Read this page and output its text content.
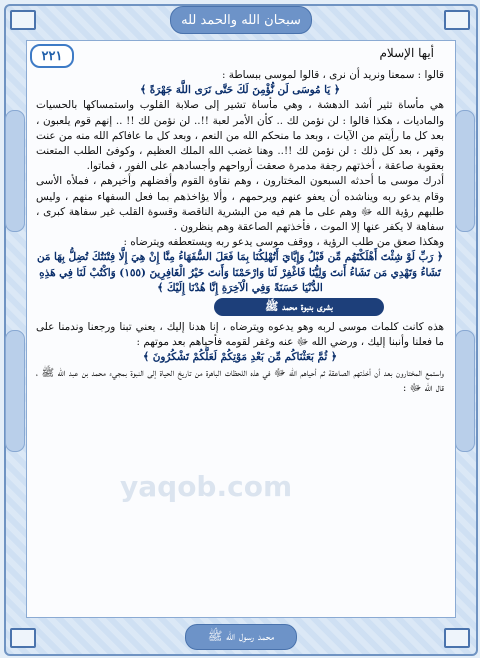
سبحان الله والحمد لله
محمد رسول الله ﷺ
٢٢١	أيها الإسلام
yaqob.com

قالوا : سمعنا ونريد أن نرى ، قالوا لموسى ببساطة :

﴿ يَا مُوسَى لَن نُّؤْمِنَ لَكَ حَتَّى نَرَى اللَّهَ جَهْرَةً ﴾

هي مأساة تثير أشد الدهشة ، وهي مأساة تشير إلى صلابة القلوب واستمساكها بالحسيات والماديات ، هكذا قالوا : لن نؤمن لك .. كأن الأمر لعبة !!.. لن نؤمن لك !! .. إنهم قوم يلعبون ، بعد كل ما رأيتم من الآيات ، وبعد ما منحكم الله من النعم ، وبعد كل ما عافاكم الله منه من عنت وقهر ، بعد كل ذلك : لن نؤمن لك !!.. وهنا غضب الله الملك العظيم ، وكوفئ الطلب المتعنت بعقوبة صاعقة ، أخذتهم رجفة مدمرة صعقت أرواحهم وأجسادهم على الفور ، فماتوا.

أدرك موسى ما أحدثه السبعون المختارون ، وهم نقاوة القوم وأفضلهم وأخيرهم ، فملأه الأسى وقام يدعو ربه ويناشده أن يعفو عنهم ويرحمهم ، وألا يؤاخذهم بما فعل السفهاء منهم ، وليس طلبهم رؤية الله ﷻ وهم على ما هم فيه من البشرية الناقصة وقسوة القلب غير سفاهة كبرى ، سفاهة لا يكفر عنها إلا الموت ، فأخذتهم الصاعقة وهم ينظرون .

وهكذا صعق من طلب الرؤية ، ووقف موسى يدعو ربه ويستعطفه ويترضاه :

﴿ رَبِّ لَوْ شِئْتَ أَهْلَكْتَهُم مِّن قَبْلُ وَإِيَّايَ أَتُهْلِكُنَا بِمَا فَعَلَ السُّفَهَاءُ مِنَّا إِنْ هِيَ إِلَّا فِتْنَتُكَ تُضِلُّ بِهَا مَن تَشَاءُ وَتَهْدِي مَن تَشَاءُ أَنتَ وَلِيُّنَا فَاغْفِرْ لَنَا وَارْحَمْنَا وَأَنتَ خَيْرُ الْغَافِرِينَ (١٥٥) وَاكْتُبْ لَنَا فِي هَذِهِ الدُّنْيَا حَسَنَةً وَفِي الْآخِرَةِ إِنَّا هُدْنَا إِلَيْكَ ﴾

بشرى بنبوة محمد ﷺ

هذه كانت كلمات موسى لربه وهو يدعوه ويترضاه ، إنا هدنا إليك ، يعني تبنا ورجعنا وندمنا على ما فعلنا وأنبنا إليك ، ورضي الله ﷻ عنه وغفر لقومه فأحياهم بعد موتهم :

﴿ ثُمَّ بَعَثْنَاكُم مِّن بَعْدِ مَوْتِكُمْ لَعَلَّكُمْ تَشْكُرُونَ ﴾

واستمع المختارون بعد أن أخذتهم الصاعقة ثم أحياهم الله ﷻ في هذه اللحظات الباهرة من تاريخ الحياة إلى النبوة بمجيء محمد بن عبد الله ﷺ ، قال الله ﷻ :
